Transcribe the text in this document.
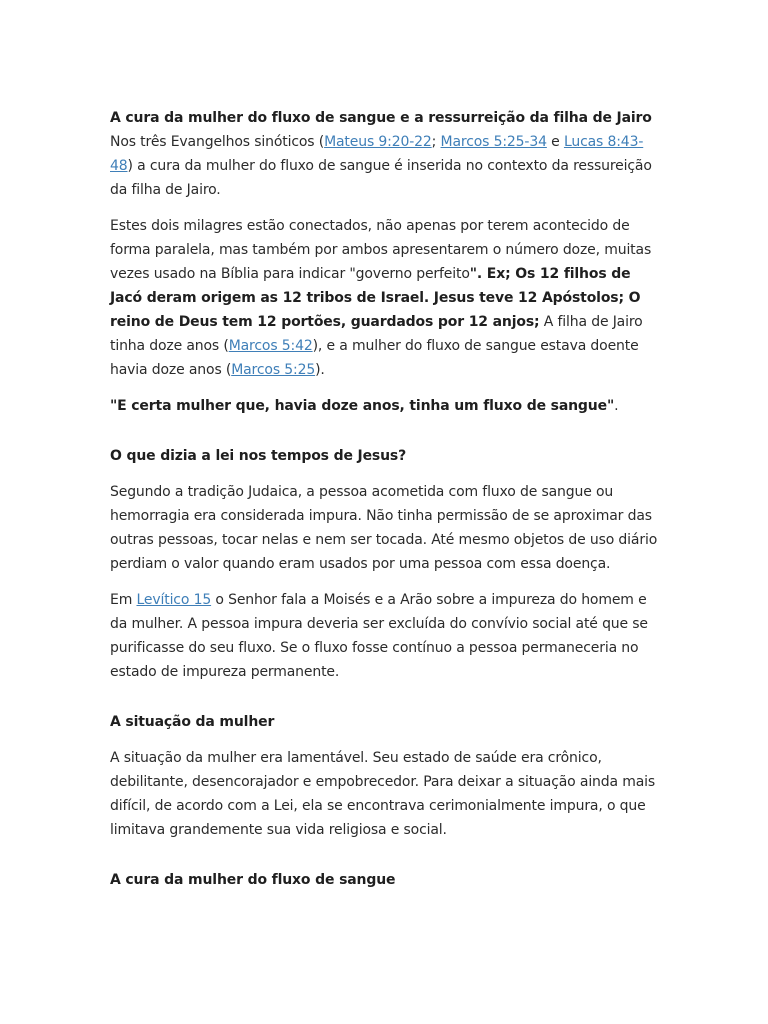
A cura da mulher do fluxo de sangue e a ressurreição da filha de Jairo

Nos três Evangelhos sinóticos (Mateus 9:20-22; Marcos 5:25-34 e Lucas 8:43-48) a cura da mulher do fluxo de sangue é inserida no contexto da ressureição da filha de Jairo.

Estes dois milagres estão conectados, não apenas por terem acontecido de forma paralela, mas também por ambos apresentarem o número doze, muitas vezes usado na Bíblia para indicar "governo perfeito". Ex; Os 12 filhos de Jacó deram origem as 12 tribos de Israel. Jesus teve 12 Apóstolos; O reino de Deus tem 12 portões, guardados por 12 anjos; A filha de Jairo tinha doze anos (Marcos 5:42), e a mulher do fluxo de sangue estava doente havia doze anos (Marcos 5:25).

"E certa mulher que, havia doze anos, tinha um fluxo de sangue".

O que dizia a lei nos tempos de Jesus?

Segundo a tradição Judaica, a pessoa acometida com fluxo de sangue ou hemorragia era considerada impura. Não tinha permissão de se aproximar das outras pessoas, tocar nelas e nem ser tocada. Até mesmo objetos de uso diário perdiam o valor quando eram usados por uma pessoa com essa doença.

Em Levítico 15 o Senhor fala a Moisés e a Arão sobre a impureza do homem e da mulher. A pessoa impura deveria ser excluída do convívio social até que se purificasse do seu fluxo. Se o fluxo fosse contínuo a pessoa permaneceria no estado de impureza permanente.

A situação da mulher

A situação da mulher era lamentável. Seu estado de saúde era crônico, debilitante, desencorajador e empobrecedor. Para deixar a situação ainda mais difícil, de acordo com a Lei, ela se encontrava cerimonialmente impura, o que limitava grandemente sua vida religiosa e social.

A cura da mulher do fluxo de sangue
